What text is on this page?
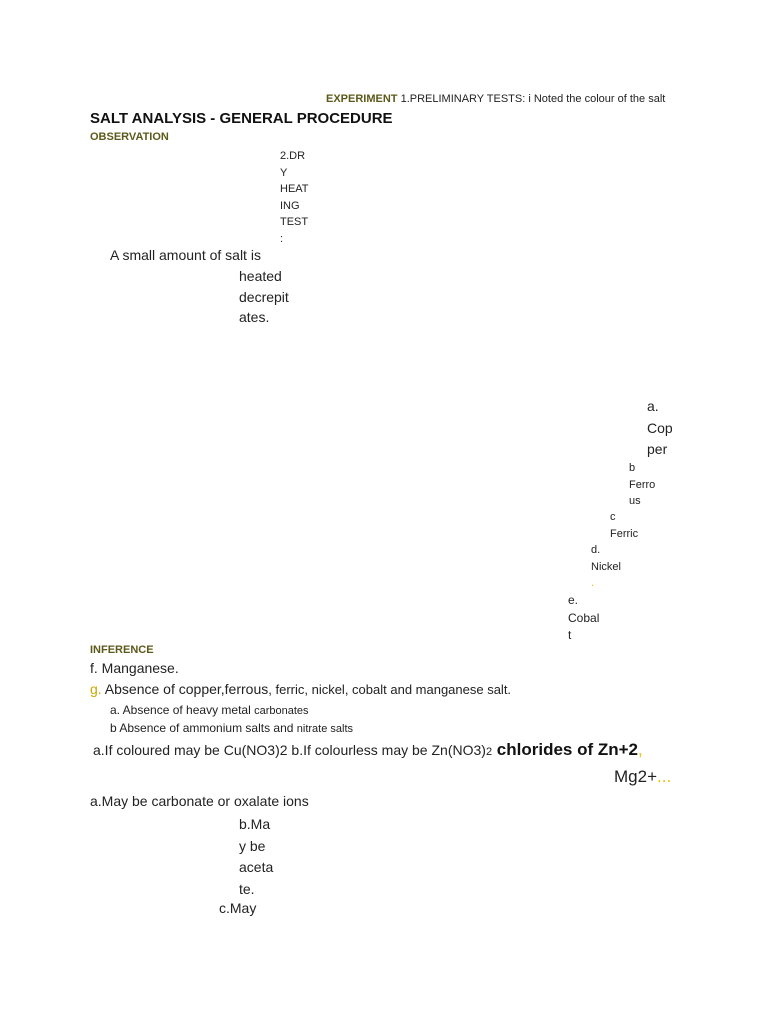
EXPERIMENT 1.PRELIMINARY TESTS: i Noted the colour of the salt
SALT ANALYSIS - GENERAL PROCEDURE
OBSERVATION
2.DR
Y
HEAT
ING
TEST
:
A small amount of salt is
heated
decrepit
ates.
a.
Cop
per
b
Ferro
us
c
Ferric
d.
Nickel
.
e.
Cobal
t
INFERENCE
f. Manganese.
g. Absence of copper,ferrous, ferric, nickel, cobalt and manganese salt.
a. Absence of heavy metal carbonates
b Absence of ammonium salts and nitrate salts
a.If coloured may be Cu(NO3)2 b.If colourless may be Zn(NO3)2 chlorides of Zn+2,
Mg2+...
a.May be carbonate or oxalate ions
b.Ma
y be
aceta
te.
c.May
